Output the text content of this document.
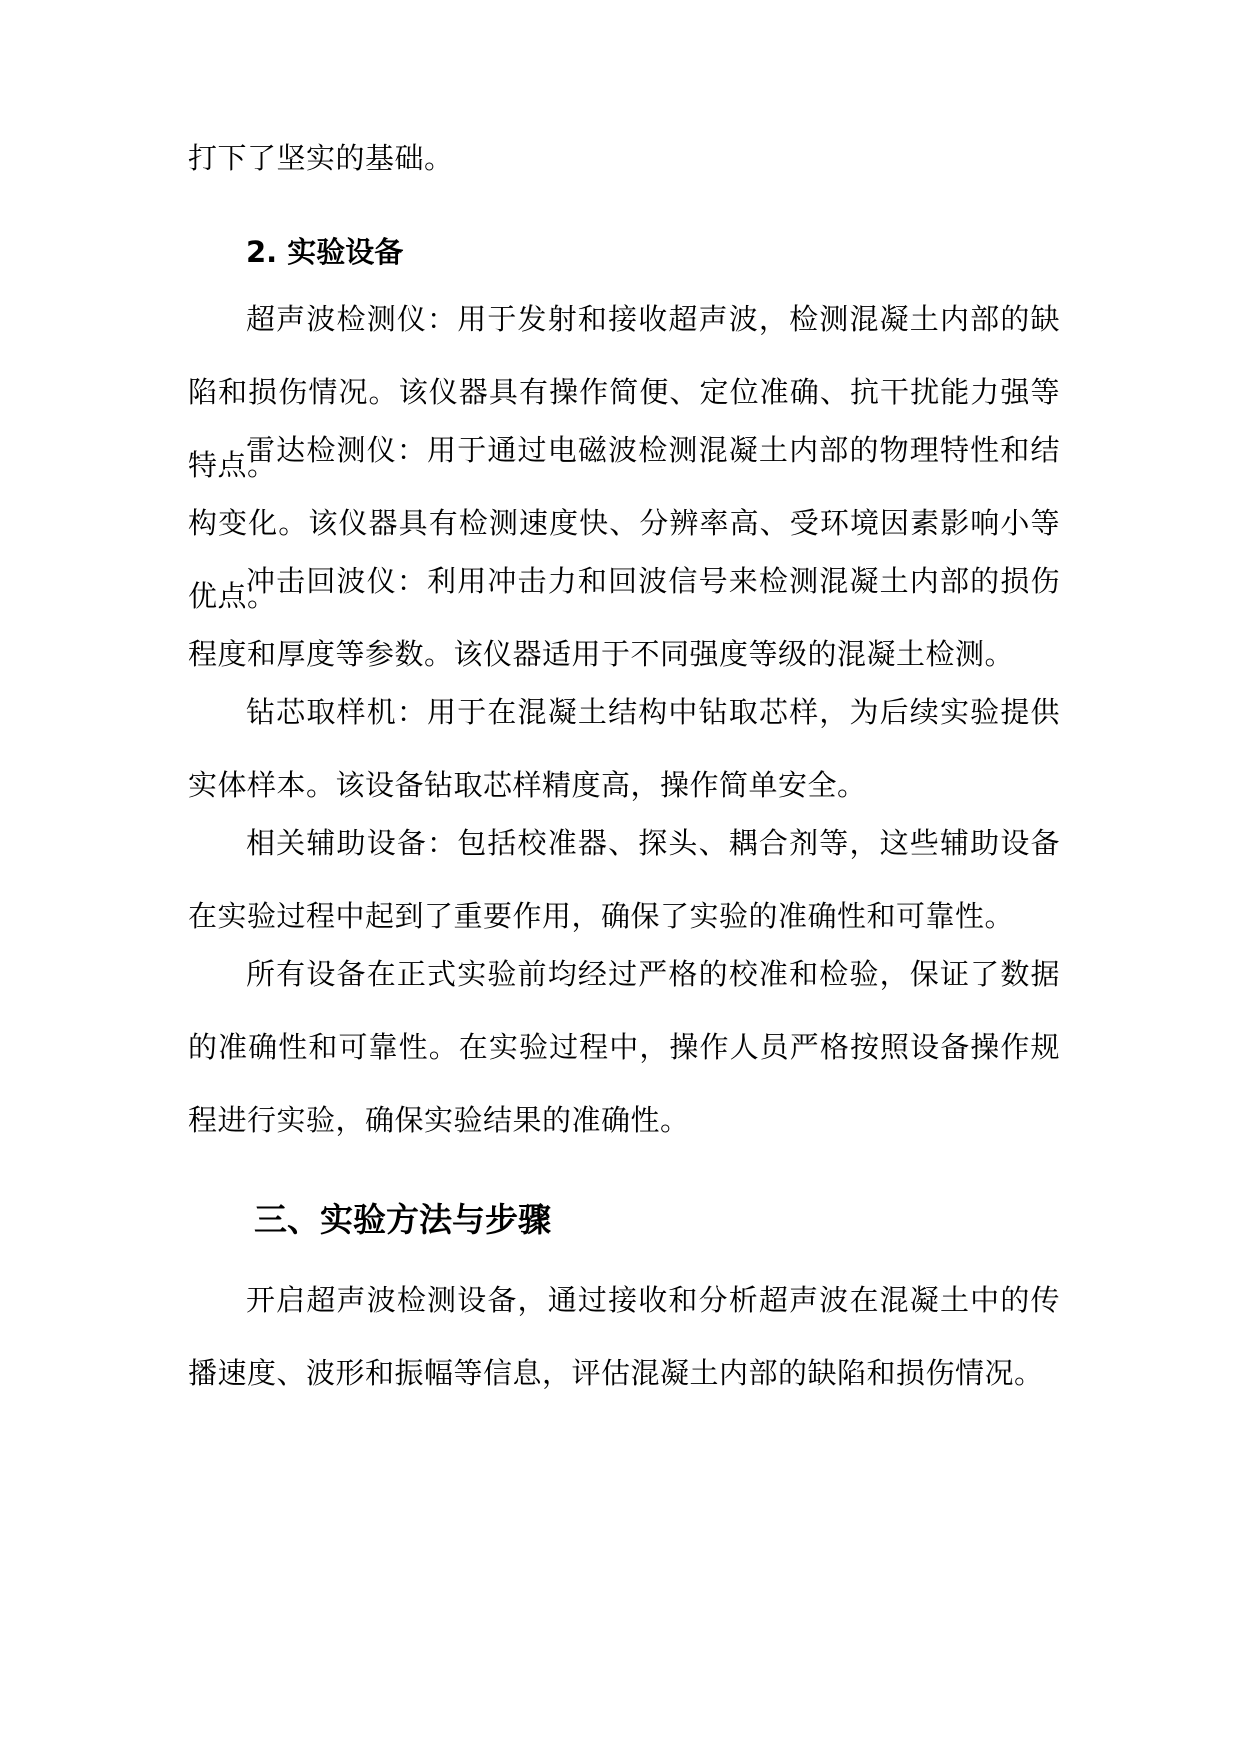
打下了坚实的基础。

2. 实验设备

超声波检测仪：用于发射和接收超声波，检测混凝土内部的缺陷和损伤情况。该仪器具有操作简便、定位准确、抗干扰能力强等特点。

雷达检测仪：用于通过电磁波检测混凝土内部的物理特性和结构变化。该仪器具有检测速度快、分辨率高、受环境因素影响小等优点。

冲击回波仪：利用冲击力和回波信号来检测混凝土内部的损伤程度和厚度等参数。该仪器适用于不同强度等级的混凝土检测。

钻芯取样机：用于在混凝土结构中钻取芯样，为后续实验提供实体样本。该设备钻取芯样精度高，操作简单安全。

相关辅助设备：包括校准器、探头、耦合剂等，这些辅助设备在实验过程中起到了重要作用，确保了实验的准确性和可靠性。

所有设备在正式实验前均经过严格的校准和检验，保证了数据的准确性和可靠性。在实验过程中，操作人员严格按照设备操作规程进行实验，确保实验结果的准确性。

三、实验方法与步骤

开启超声波检测设备，通过接收和分析超声波在混凝土中的传播速度、波形和振幅等信息，评估混凝土内部的缺陷和损伤情况。
